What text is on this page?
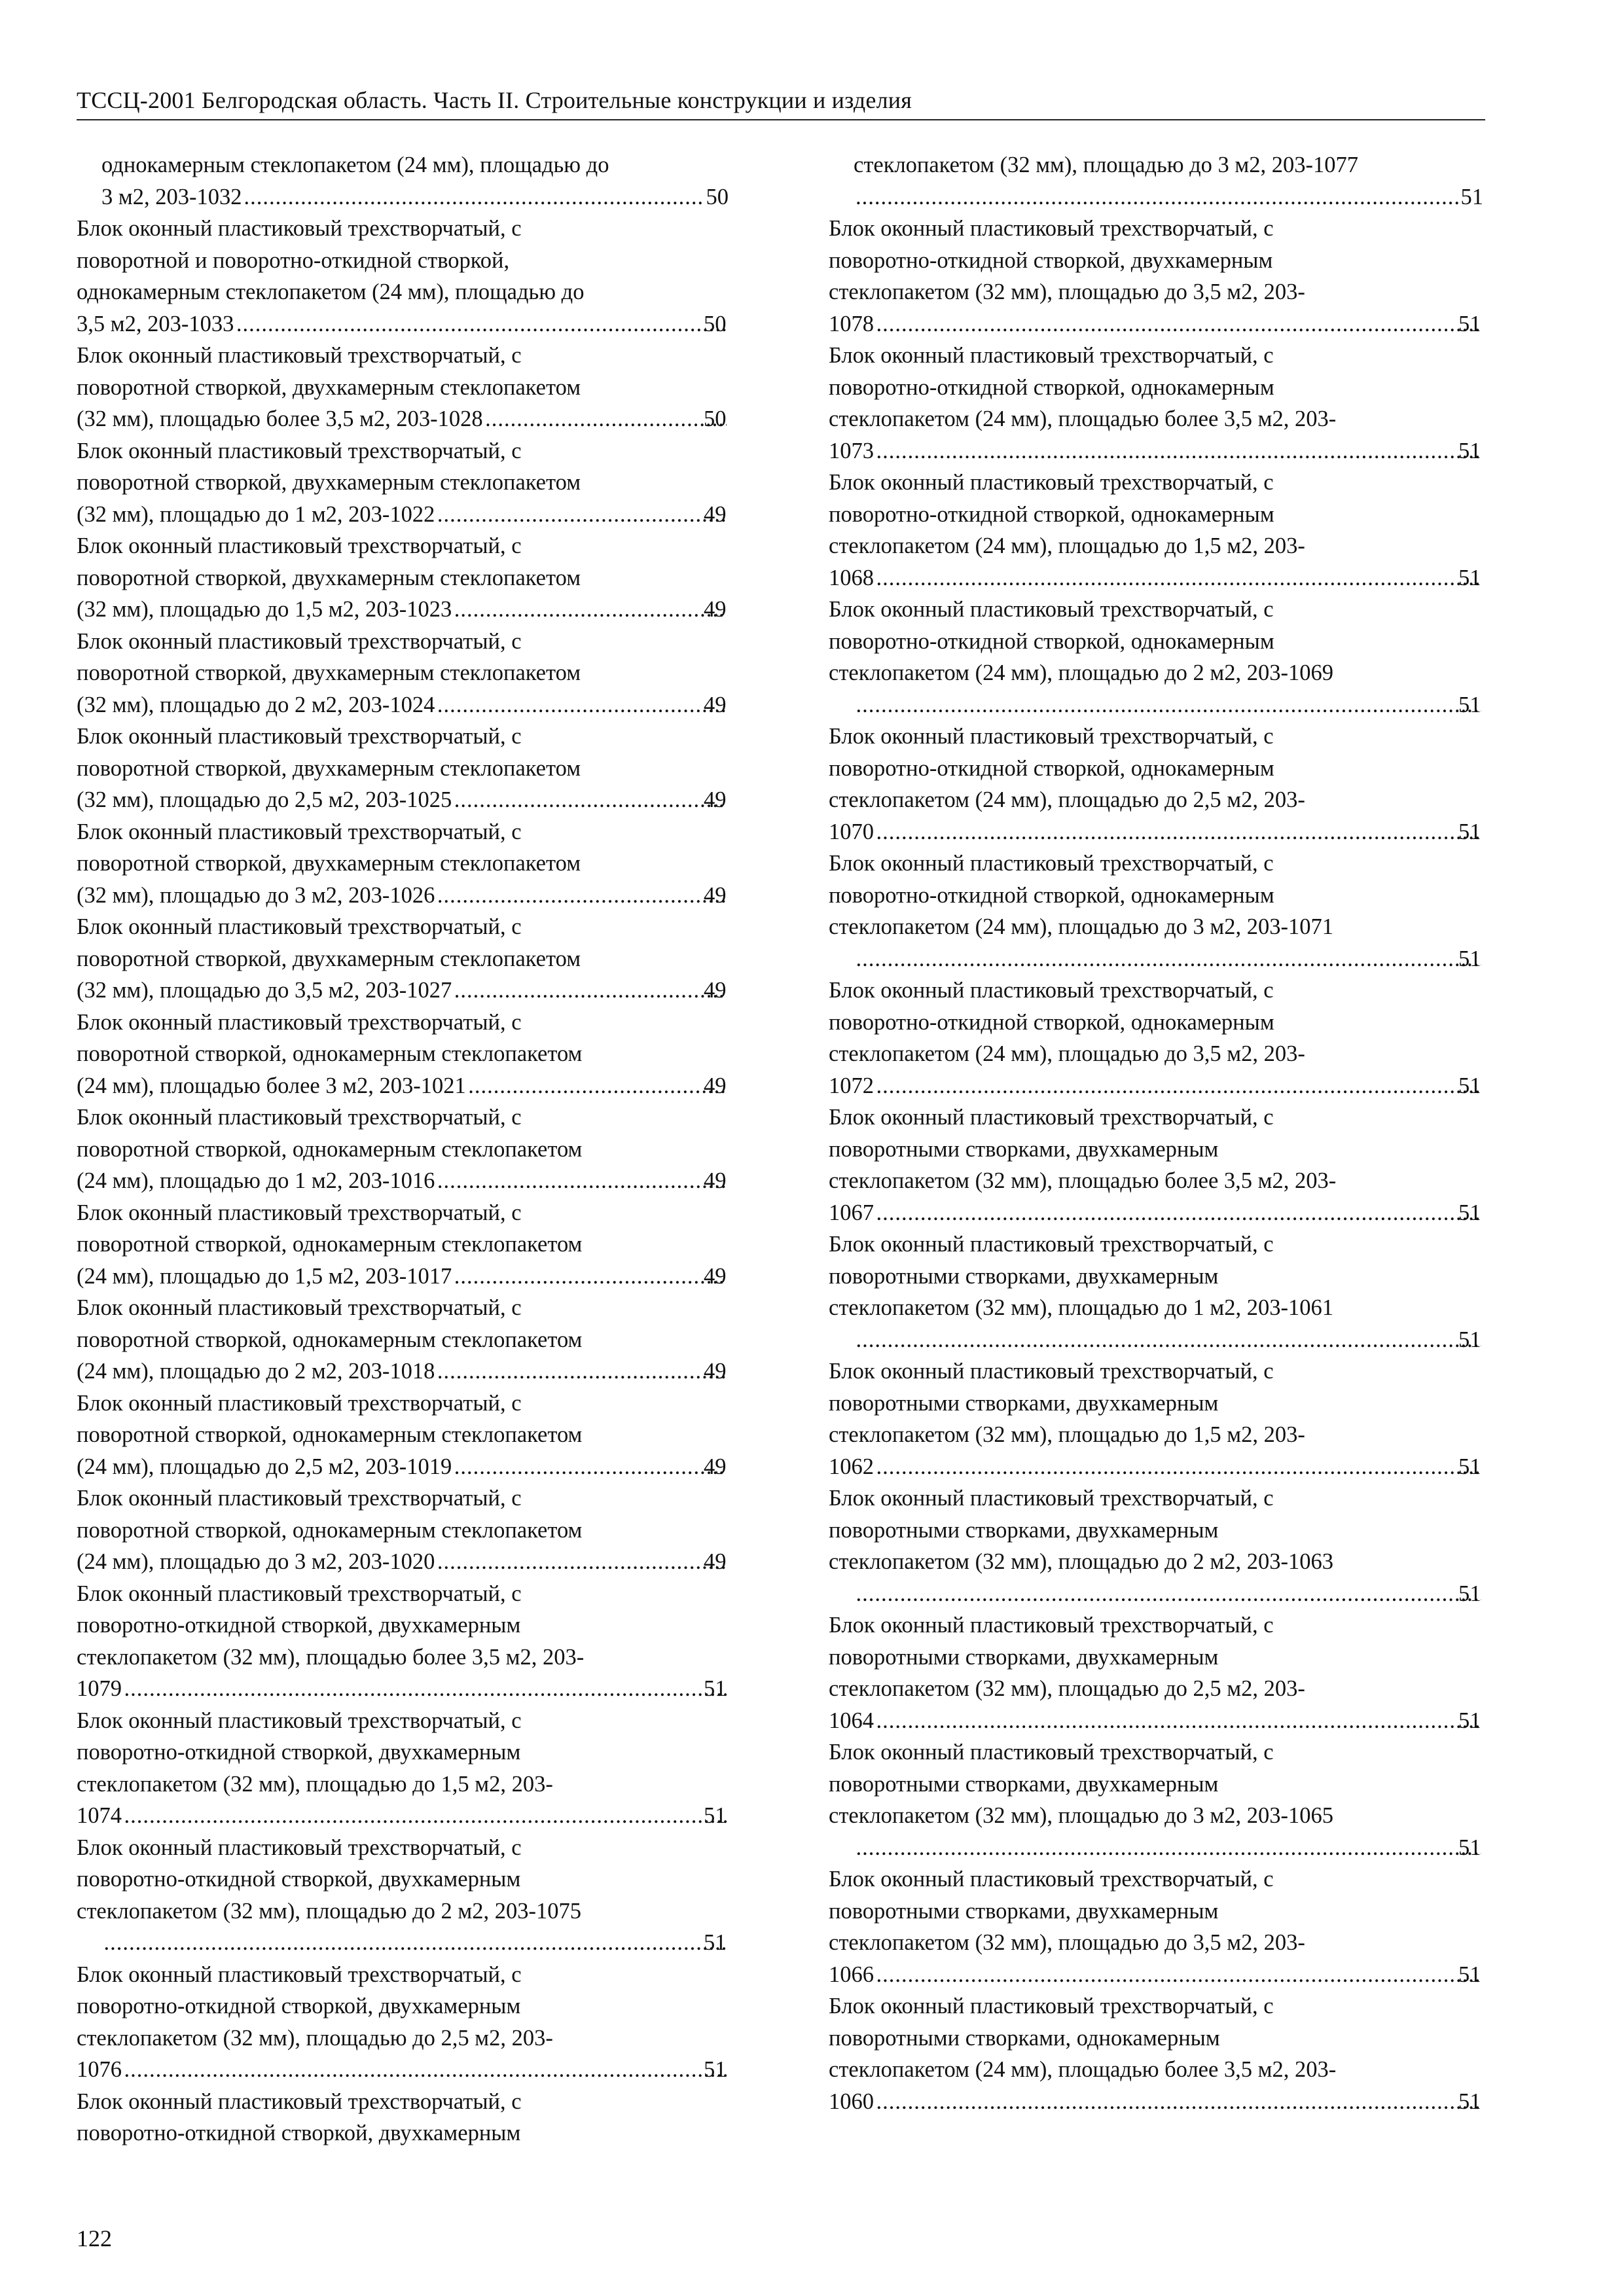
ТССЦ-2001 Белгородская область. Часть II. Строительные конструкции и изделия
однокамерным стеклопакетом (24 мм), площадью до
3 м2, 203-1032 .....	50
Блок оконный пластиковый трехстворчатый, с
поворотной и поворотно-откидной створкой,
однокамерным стеклопакетом (24 мм), площадью до
3,5 м2, 203-1033 .....	50
Блок оконный пластиковый трехстворчатый, с
поворотной створкой, двухкамерным стеклопакетом
(32 мм), площадью более 3,5 м2, 203-1028 .....	50
Блок оконный пластиковый трехстворчатый, с
поворотной створкой, двухкамерным стеклопакетом
(32 мм), площадью до 1 м2, 203-1022 .....	49
Блок оконный пластиковый трехстворчатый, с
поворотной створкой, двухкамерным стеклопакетом
(32 мм), площадью до 1,5 м2, 203-1023 .....	49
Блок оконный пластиковый трехстворчатый, с
поворотной створкой, двухкамерным стеклопакетом
(32 мм), площадью до 2 м2, 203-1024 .....	49
Блок оконный пластиковый трехстворчатый, с
поворотной створкой, двухкамерным стеклопакетом
(32 мм), площадью до 2,5 м2, 203-1025 .....	49
Блок оконный пластиковый трехстворчатый, с
поворотной створкой, двухкамерным стеклопакетом
(32 мм), площадью до 3 м2, 203-1026 .....	49
Блок оконный пластиковый трехстворчатый, с
поворотной створкой, двухкамерным стеклопакетом
(32 мм), площадью до 3,5 м2, 203-1027 .....	49
Блок оконный пластиковый трехстворчатый, с
поворотной створкой, однокамерным стеклопакетом
(24 мм), площадью более 3 м2, 203-1021 .....	49
Блок оконный пластиковый трехстворчатый, с
поворотной створкой, однокамерным стеклопакетом
(24 мм), площадью до 1 м2, 203-1016 .....	49
Блок оконный пластиковый трехстворчатый, с
поворотной створкой, однокамерным стеклопакетом
(24 мм), площадью до 1,5 м2, 203-1017 .....	49
Блок оконный пластиковый трехстворчатый, с
поворотной створкой, однокамерным стеклопакетом
(24 мм), площадью до 2 м2, 203-1018 .....	49
Блок оконный пластиковый трехстворчатый, с
поворотной створкой, однокамерным стеклопакетом
(24 мм), площадью до 2,5 м2, 203-1019 .....	49
Блок оконный пластиковый трехстворчатый, с
поворотной створкой, однокамерным стеклопакетом
(24 мм), площадью до 3 м2, 203-1020 .....	49
Блок оконный пластиковый трехстворчатый, с
поворотно-откидной створкой, двухкамерным
стеклопакетом (32 мм), площадью более 3,5 м2, 203-
1079 .....	51
Блок оконный пластиковый трехстворчатый, с
поворотно-откидной створкой, двухкамерным
стеклопакетом (32 мм), площадью до 1,5 м2, 203-
1074 .....	51
Блок оконный пластиковый трехстворчатый, с
поворотно-откидной створкой, двухкамерным
стеклопакетом (32 мм), площадью до 2 м2, 203-1075
.....
51
Блок оконный пластиковый трехстворчатый, с
поворотно-откидной створкой, двухкамерным
стеклопакетом (32 мм), площадью до 2,5 м2, 203-
1076 .....	51
Блок оконный пластиковый трехстворчатый, с
поворотно-откидной створкой, двухкамерным
стеклопакетом (32 мм), площадью до 3 м2, 203-1077
.....
51
Блок оконный пластиковый трехстворчатый, с
поворотно-откидной створкой, двухкамерным
стеклопакетом (32 мм), площадью до 3,5 м2, 203-
1078 .....	51
Блок оконный пластиковый трехстворчатый, с
поворотно-откидной створкой, однокамерным
стеклопакетом (24 мм), площадью более 3,5 м2, 203-
1073 .....	51
Блок оконный пластиковый трехстворчатый, с
поворотно-откидной створкой, однокамерным
стеклопакетом (24 мм), площадью до 1,5 м2, 203-
1068 .....	51
Блок оконный пластиковый трехстворчатый, с
поворотно-откидной створкой, однокамерным
стеклопакетом (24 мм), площадью до 2 м2, 203-1069
.....
51
Блок оконный пластиковый трехстворчатый, с
поворотно-откидной створкой, однокамерным
стеклопакетом (24 мм), площадью до 2,5 м2, 203-
1070 .....	51
Блок оконный пластиковый трехстворчатый, с
поворотно-откидной створкой, однокамерным
стеклопакетом (24 мм), площадью до 3 м2, 203-1071
.....
51
Блок оконный пластиковый трехстворчатый, с
поворотно-откидной створкой, однокамерным
стеклопакетом (24 мм), площадью до 3,5 м2, 203-
1072 .....	51
Блок оконный пластиковый трехстворчатый, с
поворотными створками, двухкамерным
стеклопакетом (32 мм), площадью более 3,5 м2, 203-
1067 .....	51
Блок оконный пластиковый трехстворчатый, с
поворотными створками, двухкамерным
стеклопакетом (32 мм), площадью до 1 м2, 203-1061
.....
51
Блок оконный пластиковый трехстворчатый, с
поворотными створками, двухкамерным
стеклопакетом (32 мм), площадью до 1,5 м2, 203-
1062 .....	51
Блок оконный пластиковый трехстворчатый, с
поворотными створками, двухкамерным
стеклопакетом (32 мм), площадью до 2 м2, 203-1063
.....
51
Блок оконный пластиковый трехстворчатый, с
поворотными створками, двухкамерным
стеклопакетом (32 мм), площадью до 2,5 м2, 203-
1064 .....	51
Блок оконный пластиковый трехстворчатый, с
поворотными створками, двухкамерным
стеклопакетом (32 мм), площадью до 3 м2, 203-1065
.....
51
Блок оконный пластиковый трехстворчатый, с
поворотными створками, двухкамерным
стеклопакетом (32 мм), площадью до 3,5 м2, 203-
1066 .....	51
Блок оконный пластиковый трехстворчатый, с
поворотными створками, однокамерным
стеклопакетом (24 мм), площадью более 3,5 м2, 203-
1060 .....	51
122
